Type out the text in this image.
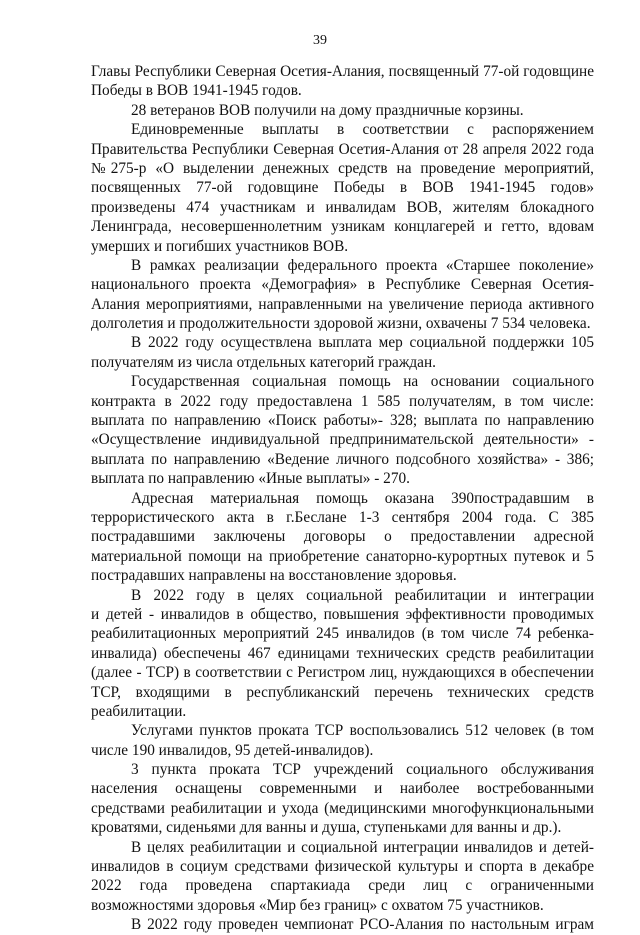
39
Главы Республики Северная Осетия-Алания, посвященный 77-ой годовщине
Победы в ВОВ 1941-1945 годов.
28 ветеранов ВОВ получили на дому праздничные корзины.
Единовременные выплаты в соответствии с распоряжением
Правительства Республики Северная Осетия-Алания от 28 апреля 2022 года
№275-р «О выделении денежных средств на проведение мероприятий,
посвященных 77-ой годовщине Победы в ВОВ 1941-1945 годов»
произведены 474 участникам и инвалидам ВОВ, жителям блокадного
Ленинграда, несовершеннолетним узникам концлагерей и гетто, вдовам
умерших и погибших участников ВОВ.
В рамках реализации федерального проекта «Старшее поколение»
национального проекта «Демография» в Республике Северная Осетия-
Алания мероприятиями, направленными на увеличение периода активного
долголетия и продолжительности здоровой жизни, охвачены 7 534 человека.
В 2022 году осуществлена выплата мер социальной поддержки 105
получателям из числа отдельных категорий граждан.
Государственная социальная помощь на основании социального
контракта в 2022 году предоставлена 1 585 получателям, в том числе:
выплата по направлению «Поиск работы»- 328; выплата по направлению
«Осуществление индивидуальной предпринимательской деятельности» -
выплата по направлению «Ведение личного подсобного хозяйства» - 386;
выплата по направлению «Иные выплаты» - 270.
Адресная материальная помощь оказана 390пострадавшим в
террористического акта в г.Беслане 1-3 сентября 2004 года. С 385
пострадавшими заключены договоры о предоставлении адресной
материальной помощи на приобретение санаторно-курортных путевок и 5
пострадавших направлены на восстановление здоровья.
В 2022 году в целях социальной реабилитации и интеграции
и детей - инвалидов в общество, повышения эффективности проводимых
реабилитационных мероприятий 245 инвалидов (в том числе 74 ребенка-
инвалида) обеспечены 467 единицами технических средств реабилитации
(далее - ТСР) в соответствии с Регистром лиц, нуждающихся в обеспечении
ТСР, входящими в республиканский перечень технических средств
реабилитации.
Услугами пунктов проката ТСР воспользовались 512 человек (в том
числе 190 инвалидов, 95 детей-инвалидов).
3 пункта проката ТСР учреждений социального обслуживания
населения оснащены современными и наиболее востребованными
средствами реабилитации и ухода (медицинскими многофункциональными
кроватями, сиденьями для ванны и душа, ступеньками для ванны и др.).
В целях реабилитации и социальной интеграции инвалидов и детей-
инвалидов в социум средствами физической культуры и спорта в декабре
2022 года проведена спартакиада среди лиц с ограниченными
возможностями здоровья «Мир без границ» с охватом 75 участников.
В 2022 году проведен чемпионат РСО-Алания по настольным играм
